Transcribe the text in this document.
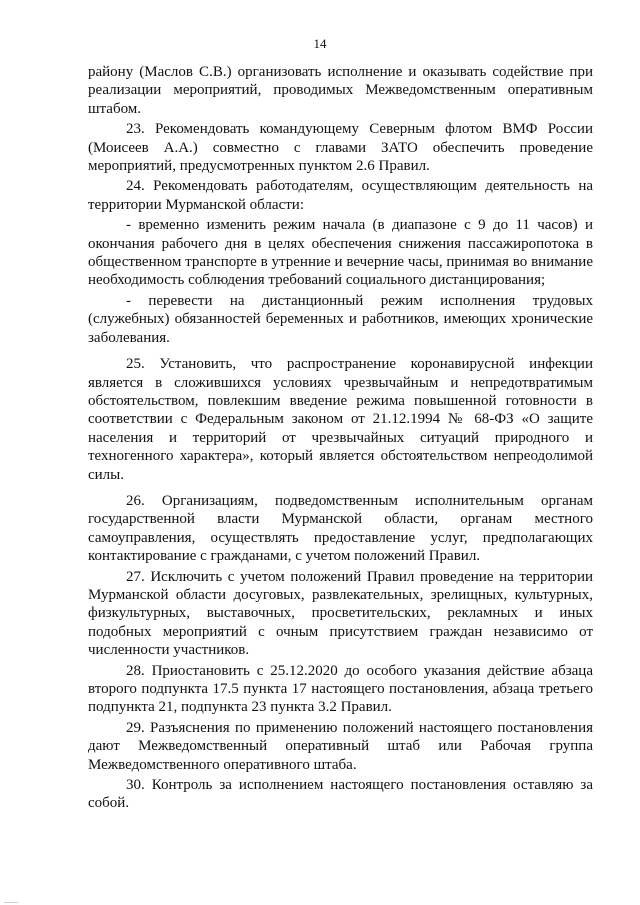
14

району (Маслов С.В.) организовать исполнение и оказывать содействие при реализации мероприятий, проводимых Межведомственным оперативным штабом.

23. Рекомендовать командующему Северным флотом ВМФ России (Моисеев А.А.) совместно с главами ЗАТО обеспечить проведение мероприятий, предусмотренных пунктом 2.6 Правил.

24. Рекомендовать работодателям, осуществляющим деятельность на территории Мурманской области:

- временно изменить режим начала (в диапазоне с 9 до 11 часов) и окончания рабочего дня в целях обеспечения снижения пассажиропотока в общественном транспорте в утренние и вечерние часы, принимая во внимание необходимость соблюдения требований социального дистанцирования;

- перевести на дистанционный режим исполнения трудовых (служебных) обязанностей беременных и работников, имеющих хронические заболевания.

25. Установить, что распространение коронавирусной инфекции является в сложившихся условиях чрезвычайным и непредотвратимым обстоятельством, повлекшим введение режима повышенной готовности в соответствии с Федеральным законом от 21.12.1994 № 68-ФЗ «О защите населения и территорий от чрезвычайных ситуаций природного и техногенного характера», который является обстоятельством непреодолимой силы.

26. Организациям, подведомственным исполнительным органам государственной власти Мурманской области, органам местного самоуправления, осуществлять предоставление услуг, предполагающих контактирование с гражданами, с учетом положений Правил.

27. Исключить с учетом положений Правил проведение на территории Мурманской области досуговых, развлекательных, зрелищных, культурных, физкультурных, выставочных, просветительских, рекламных и иных подобных мероприятий с очным присутствием граждан независимо от численности участников.

28. Приостановить с 25.12.2020 до особого указания действие абзаца второго подпункта 17.5 пункта 17 настоящего постановления, абзаца третьего подпункта 21, подпункта 23 пункта 3.2 Правил.

29. Разъяснения по применению положений настоящего постановления дают Межведомственный оперативный штаб или Рабочая группа Межведомственного оперативного штаба.

30. Контроль за исполнением настоящего постановления оставляю за собой.
